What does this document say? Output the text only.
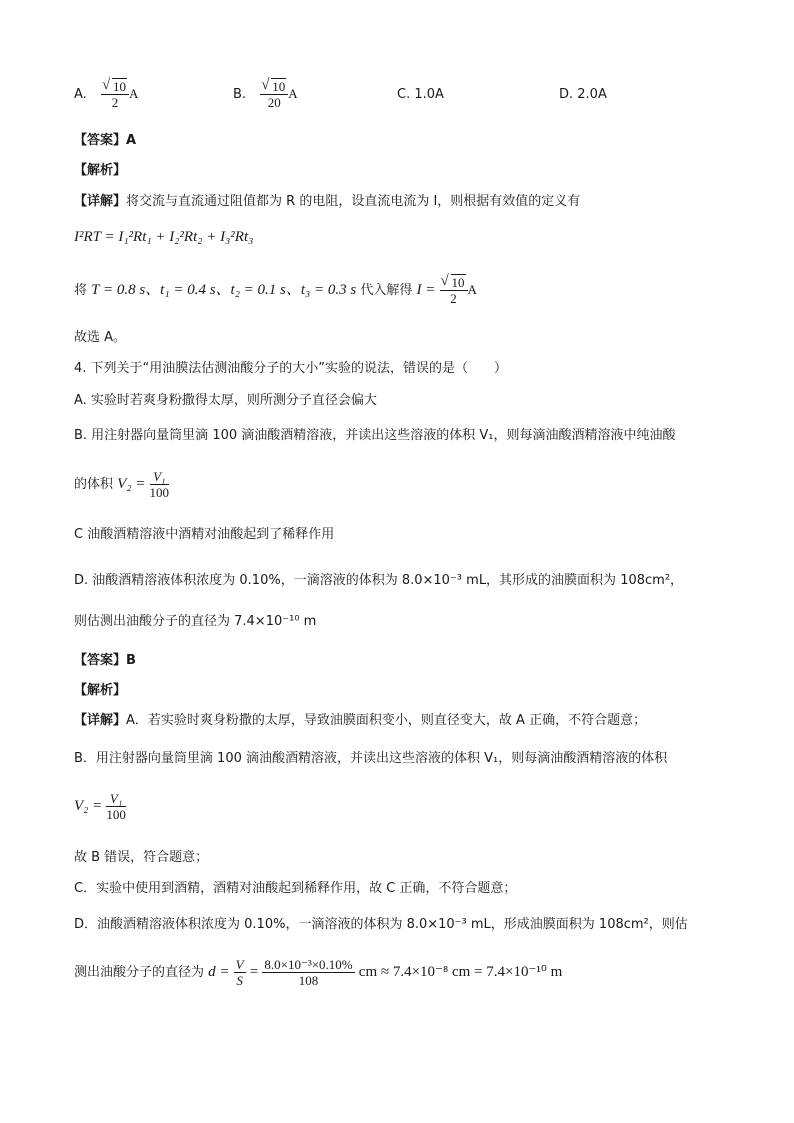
A. √ $\frac{10}{2}$ A	B. √ $\frac{10}{20}$ A	C. 1.0A	D. 2.0A
【答案】A
【解析】
【详解】将交流与直流通过阻值都为 R 的电阻，设直流电流为 I，则根据有效值的定义有
I²RT = I₁²Rt₁ + I₂²Rt₂ + I₃²Rt₃
将 T = 0.8 s、t₁ = 0.4 s、t₂ = 0.1 s、t₃ = 0.3 s 代入解得 I = √ $\frac{10}{2}$ A
故选 A。
4. 下列关于“用油膜法估测油酸分子的大小”实验的说法，错误的是（　　）
A. 实验时若爽身粉撒得太厚，则所测分子直径会偏大
B. 用注射器向量筒里滴 100 滴油酸酒精溶液，并读出这些溶液的体积 V₁，则每滴油酸酒精溶液中纯油酸
的体积 $V_2 = \frac{\text{V₁}}{100}$
C 油酸酒精溶液中酒精对油酸起到了稀释作用
D. 油酸酒精溶液体积浓度为 0.10%，一滴溶液的体积为 8.0×10⁻³ mL，其形成的油膜面积为 108cm²，
则估测出油酸分子的直径为 7.4×10⁻¹⁰ m
【答案】B
【解析】
【详解】A．若实验时爽身粉撒的太厚，导致油膜面积变小，则直径变大，故 A 正确，不符合题意；
B．用注射器向量筒里滴 100 滴油酸酒精溶液，并读出这些溶液的体积 V₁，则每滴油酸酒精溶液的体积
$V_2 = \frac{\text{V₁}}{100}$
故 B 错误，符合题意；
C．实验中使用到酒精，酒精对油酸起到稀释作用，故 C 正确，不符合题意；
D．油酸酒精溶液体积浓度为 0.10%，一滴溶液的体积为 8.0×10⁻³ mL，形成油膜面积为 108cm²，则估
测出油酸分子的直径为 $d = \frac{V}{S} = \frac{\text{8.0×10⁻³×0.10\%}}{108}$ cm ≈ 7.4×10⁻⁸ cm = 7.4×10⁻¹⁰ m
